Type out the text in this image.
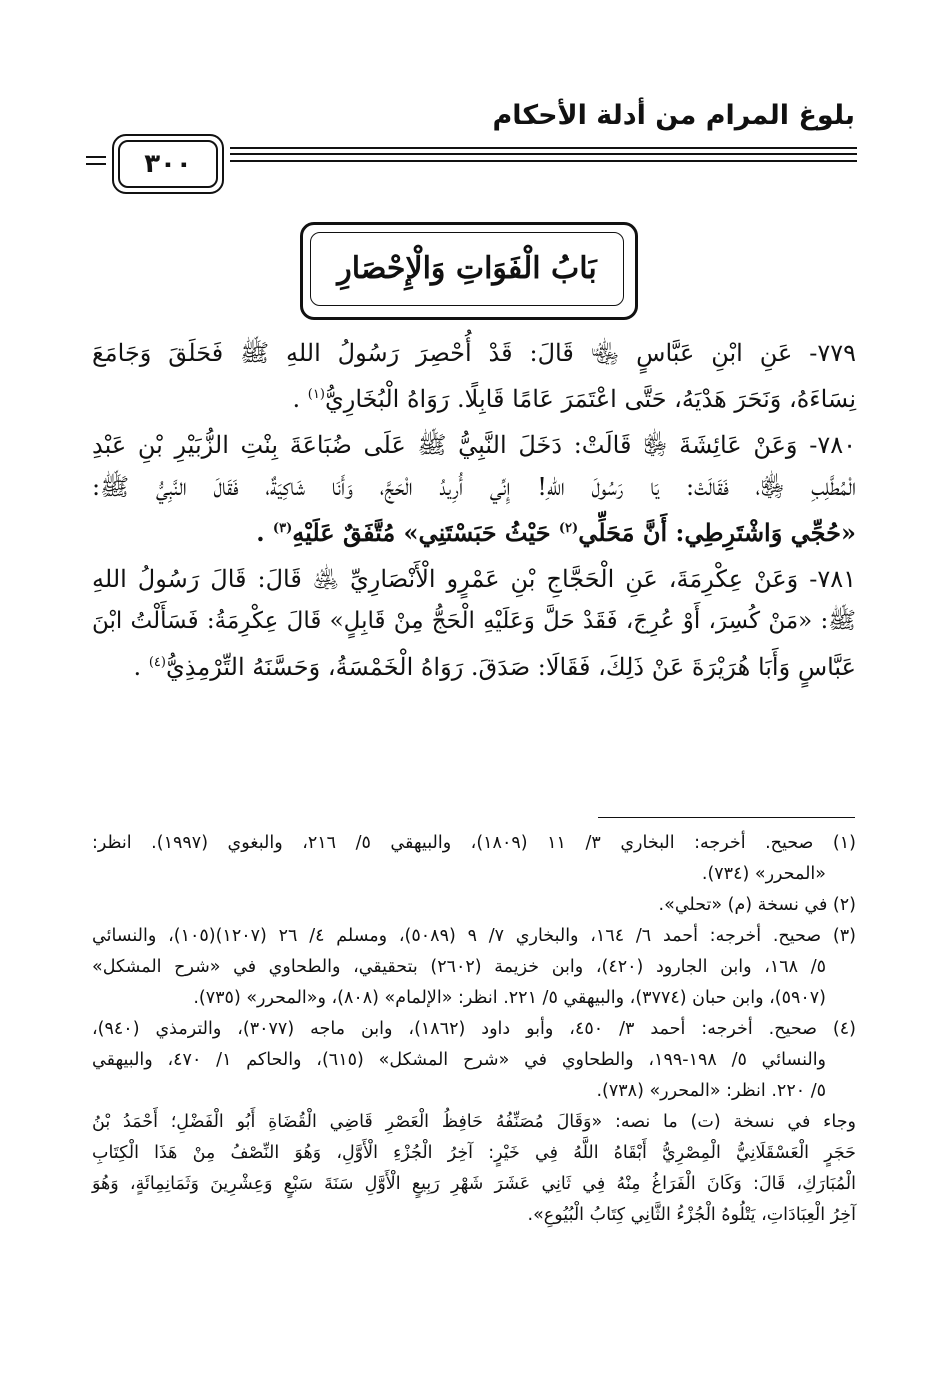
بلوغ المرام من أدلة الأحكام
٣٠٠
بَابُ الْفَوَاتِ وَالْإِحْصَارِ
٧٧٩- عَنِ ابْنِ عَبَّاسٍ ﵄ قَالَ: قَدْ أُحْصِرَ رَسُولُ اللهِ ﷺ فَحَلَقَ وَجَامَعَ
نِسَاءَهُ، وَنَحَرَ هَدْيَهُ، حَتَّى اعْتَمَرَ عَامًا قَابِلًا. رَوَاهُ الْبُخَارِيُّ$^{(١)}$ .
٧٨٠- وَعَنْ عَائِشَةَ ﵂ قَالَتْ: دَخَلَ النَّبِيُّ ﷺ عَلَى ضُبَاعَةَ بِنْتِ الزُّبَيْرِ بْنِ عَبْدِ
الْمُطَّلِبِ ﵂، فَقَالَتْ: يَا رَسُولَ اللهِ! إِنِّي أُرِيدُ الْحَجَّ، وَأَنَا شَاكِيَةٌ، فَقَالَ النَّبِيُّ ﷺ:
«حُجِّي وَاشْتَرِطِي: أَنَّ مَحَلِّي$^{(٢)}$ حَيْثُ حَبَسْتَنِي» مُتَّفَقٌ عَلَيْهِ$^{(٣)}$ .
٧٨١- وَعَنْ عِكْرِمَةَ، عَنِ الْحَجَّاجِ بْنِ عَمْرٍو الْأَنْصَارِيِّ ﵁ قَالَ: قَالَ رَسُولُ اللهِ
ﷺ: «مَنْ كُسِرَ، أَوْ عُرِجَ، فَقَدْ حَلَّ وَعَلَيْهِ الْحَجُّ مِنْ قَابِلٍ» قَالَ عِكْرِمَةُ: فَسَأَلْتُ ابْنَ
عَبَّاسٍ وَأَبَا هُرَيْرَةَ عَنْ ذَلِكَ، فَقَالَا: صَدَقَ. رَوَاهُ الْخَمْسَةُ، وَحَسَّنَهُ التِّرْمِذِيُّ$^{(٤)}$ .
(١) صحيح. أخرجه: البخاري ٣/ ١١ (١٨٠٩)، والبيهقي ٥/ ٢١٦، والبغوي (١٩٩٧). انظر:
«المحرر» (٧٣٤).
(٢) في نسخة (م) «تحلي».
(٣) صحيح. أخرجه: أحمد ٦/ ١٦٤، والبخاري ٧/ ٩ (٥٠٨٩)، ومسلم ٤/ ٢٦ (١٢٠٧)(١٠٥)، والنسائي
٥/ ١٦٨، وابن الجارود (٤٢٠)، وابن خزيمة (٢٦٠٢) بتحقيقي، والطحاوي في «شرح المشكل»
(٥٩٠٧)، وابن حبان (٣٧٧٤)، والبيهقي ٥/ ٢٢١. انظر: «الإلمام» (٨٠٨)، و«المحرر» (٧٣٥).
(٤) صحيح. أخرجه: أحمد ٣/ ٤٥٠، وأبو داود (١٨٦٢)، وابن ماجه (٣٠٧٧)، والترمذي (٩٤٠)،
والنسائي ٥/ ١٩٨-١٩٩، والطحاوي في «شرح المشكل» (٦١٥)، والحاكم ١/ ٤٧٠، والبيهقي
٥/ ٢٢٠. انظر: «المحرر» (٧٣٨).
وجاء في نسخة (ت) ما نصه: «وَقَالَ مُصَنِّفُهُ حَافِظُ الْعَصْرِ قَاضِي الْقُضَاةِ أَبُو الْفَضْلِ؛ أَحْمَدُ بْنُ
حَجَرٍ الْعَسْقَلَانِيُّ الْمِصْرِيُّ أَبْقَاهُ اللَّهُ فِي خَيْرٍ: آخِرُ الْجُزْءِ الْأَوَّلِ، وَهُوَ النِّصْفُ مِنْ هَذَا الْكِتَابِ
الْمُبَارَكِ، قَالَ: وَكَانَ الْفَرَاغُ مِنْهُ فِي ثَانِي عَشَرَ شَهْرِ رَبِيعٍ الْأَوَّلِ سَنَةَ سَبْعٍ وَعِشْرِينَ وَثَمَانِمِائَةٍ، وَهُوَ
آخِرُ الْعِبَادَاتِ، يَتْلُوهُ الْجُزْءُ الثَّانِي كِتَابُ الْبُيُوعِ».
